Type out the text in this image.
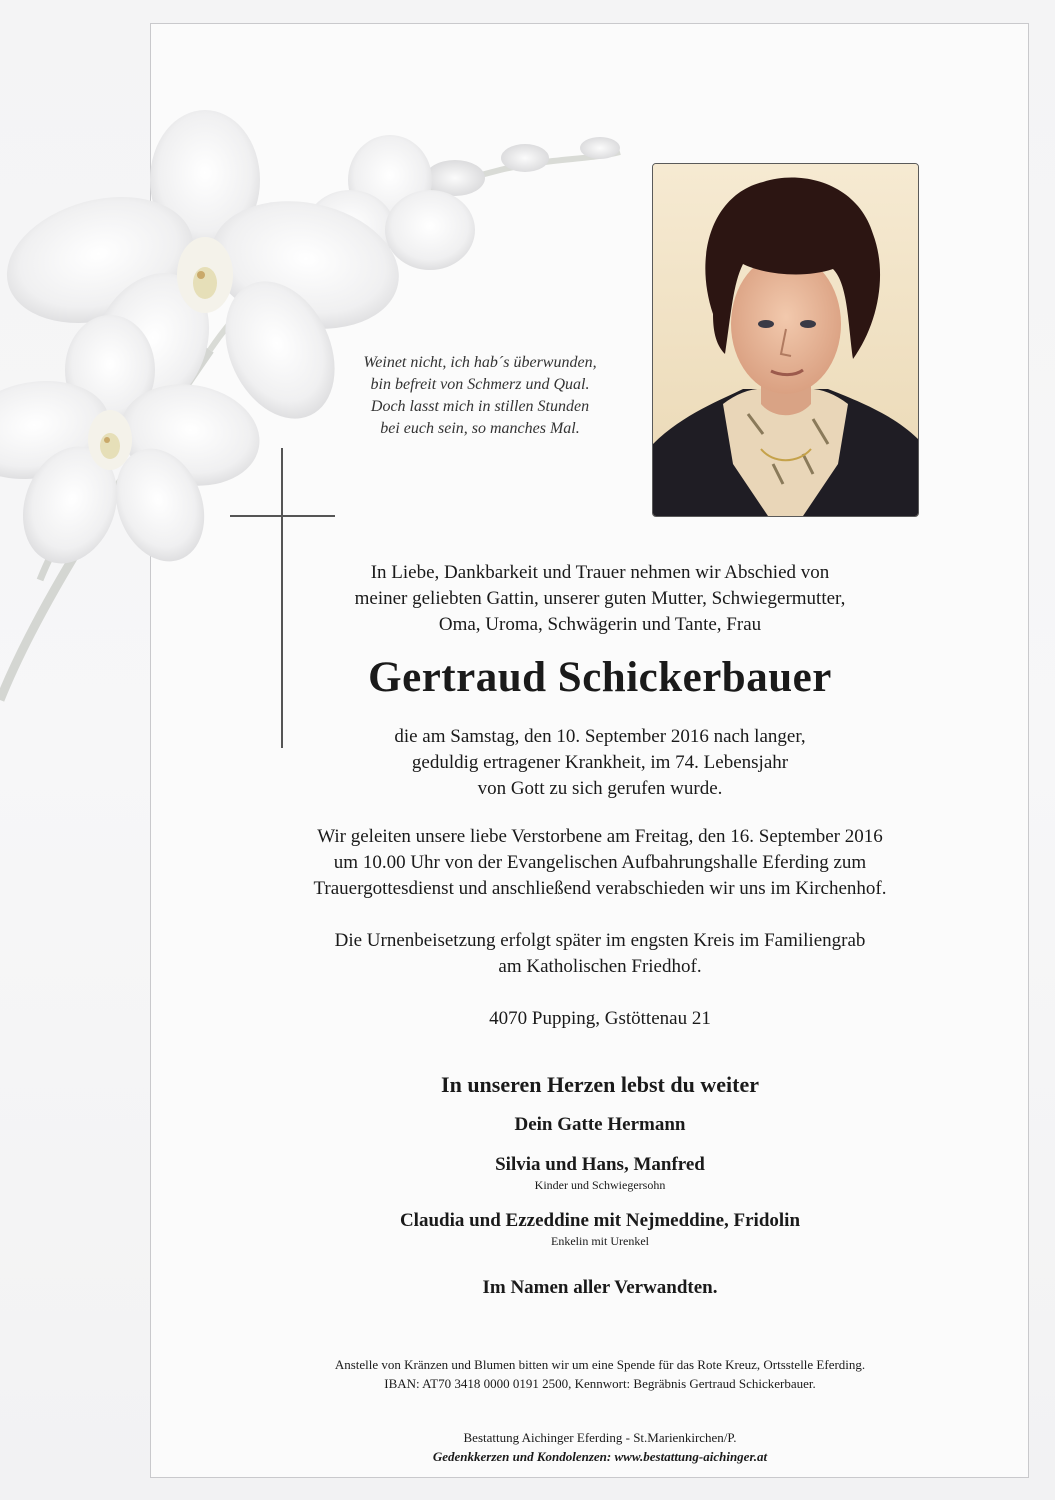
Weinet nicht, ich hab´s überwunden,
bin befreit von Schmerz und Qual.
Doch lasst mich in stillen Stunden
bei euch sein, so manches Mal.
In Liebe, Dankbarkeit und Trauer nehmen wir Abschied von
meiner geliebten Gattin, unserer guten Mutter, Schwiegermutter,
Oma, Uroma, Schwägerin und Tante, Frau
Gertraud Schickerbauer
die am Samstag, den 10. September 2016 nach langer,
geduldig ertragener Krankheit, im 74. Lebensjahr
von Gott zu sich gerufen wurde.
Wir geleiten unsere liebe Verstorbene am Freitag, den 16. September 2016
um 10.00 Uhr von der Evangelischen Aufbahrungshalle Eferding zum
Trauergottesdienst und anschließend verabschieden wir uns im Kirchenhof.
Die Urnenbeisetzung erfolgt später im engsten Kreis im Familiengrab
am Katholischen Friedhof.
4070 Pupping, Gstöttenau 21
In unseren Herzen lebst du weiter
Dein Gatte Hermann
Silvia und Hans, Manfred
Kinder und Schwiegersohn
Claudia und Ezzeddine mit Nejmeddine, Fridolin
Enkelin mit Urenkel
Im Namen aller Verwandten.
Anstelle von Kränzen und Blumen bitten wir um eine Spende für das Rote Kreuz, Ortsstelle Eferding.
IBAN: AT70 3418 0000 0191 2500, Kennwort: Begräbnis Gertraud Schickerbauer.
Bestattung Aichinger Eferding - St.Marienkirchen/P.
Gedenkkerzen und Kondolenzen: www.bestattung-aichinger.at
